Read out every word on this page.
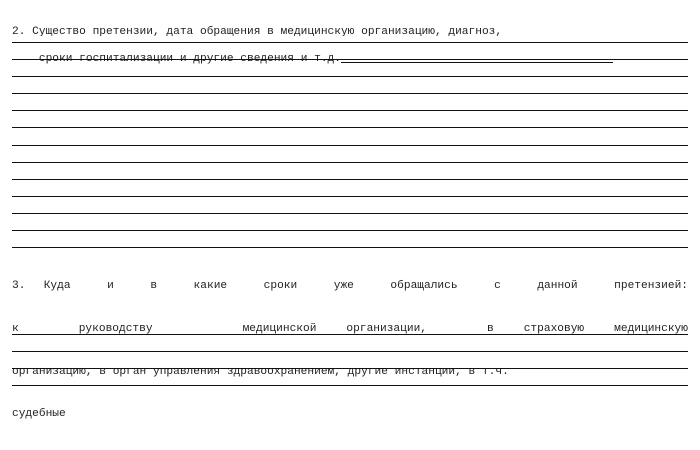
2. Существо претензии, дата обращения в медицинскую организацию, диагноз,

сроки госпитализации и другие сведения и т.д.

3. Куда  и  в  какие  сроки  уже  обращались  с  данной  претензией:

к  руководству   медицинской организации,  в страховую медицинскую

организацию, в орган управления здравоохранением, другие инстанции, в т.ч.

судебные
